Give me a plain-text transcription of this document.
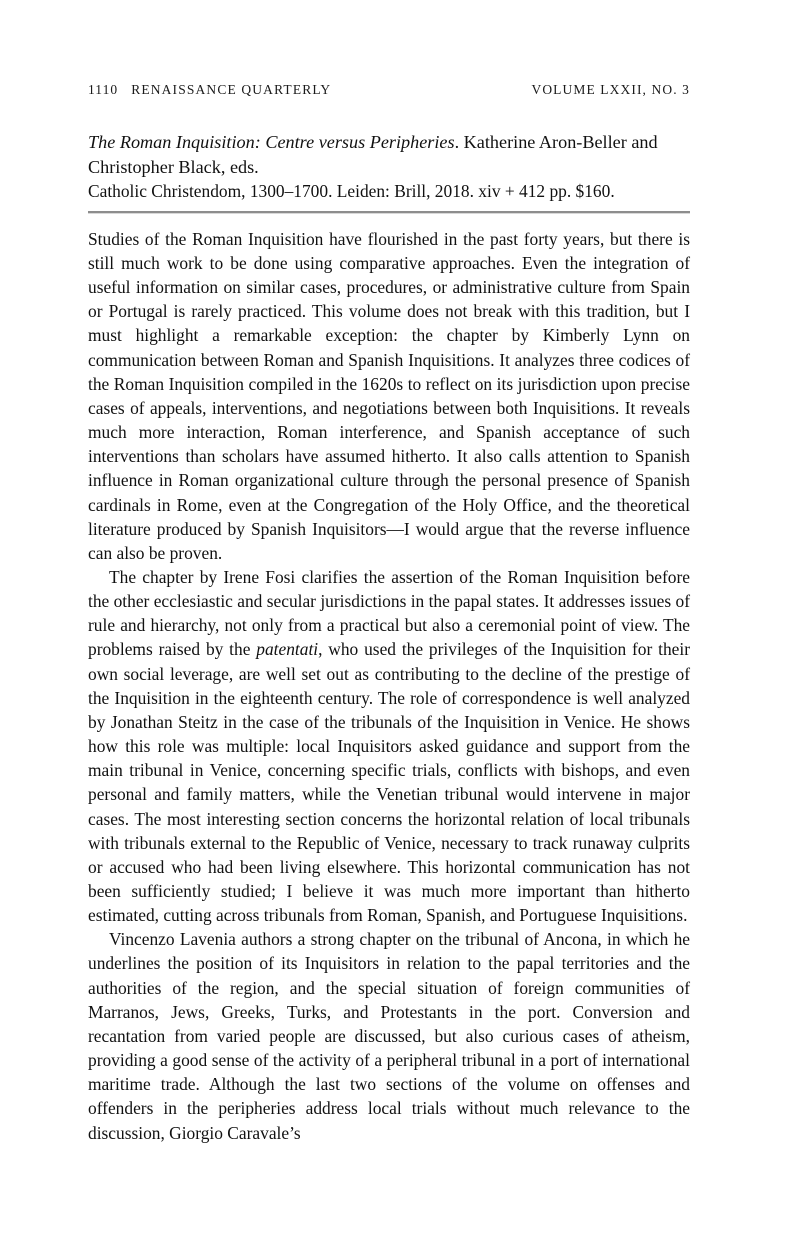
1110 RENAISSANCE QUARTERLY	VOLUME LXXII, NO. 3
The Roman Inquisition: Centre versus Peripheries. Katherine Aron-Beller and Christopher Black, eds.
Catholic Christendom, 1300–1700. Leiden: Brill, 2018. xiv + 412 pp. $160.

Studies of the Roman Inquisition have flourished in the past forty years, but there is still much work to be done using comparative approaches. Even the integration of useful information on similar cases, procedures, or administrative culture from Spain or Portugal is rarely practiced. This volume does not break with this tradition, but I must highlight a remarkable exception: the chapter by Kimberly Lynn on communication between Roman and Spanish Inquisitions. It analyzes three codices of the Roman Inquisition compiled in the 1620s to reflect on its jurisdiction upon precise cases of appeals, interventions, and negotiations between both Inquisitions. It reveals much more interaction, Roman interference, and Spanish acceptance of such interventions than scholars have assumed hitherto. It also calls attention to Spanish influence in Roman organizational culture through the personal presence of Spanish cardinals in Rome, even at the Congregation of the Holy Office, and the theoretical literature produced by Spanish Inquisitors—I would argue that the reverse influence can also be proven.

The chapter by Irene Fosi clarifies the assertion of the Roman Inquisition before the other ecclesiastic and secular jurisdictions in the papal states. It addresses issues of rule and hierarchy, not only from a practical but also a ceremonial point of view. The problems raised by the patentati, who used the privileges of the Inquisition for their own social leverage, are well set out as contributing to the decline of the prestige of the Inquisition in the eighteenth century. The role of correspondence is well analyzed by Jonathan Steitz in the case of the tribunals of the Inquisition in Venice. He shows how this role was multiple: local Inquisitors asked guidance and support from the main tribunal in Venice, concerning specific trials, conflicts with bishops, and even personal and family matters, while the Venetian tribunal would intervene in major cases. The most interesting section concerns the horizontal relation of local tribunals with tribunals external to the Republic of Venice, necessary to track runaway culprits or accused who had been living elsewhere. This horizontal communication has not been sufficiently studied; I believe it was much more important than hitherto estimated, cutting across tribunals from Roman, Spanish, and Portuguese Inquisitions.

Vincenzo Lavenia authors a strong chapter on the tribunal of Ancona, in which he underlines the position of its Inquisitors in relation to the papal territories and the authorities of the region, and the special situation of foreign communities of Marranos, Jews, Greeks, Turks, and Protestants in the port. Conversion and recantation from varied people are discussed, but also curious cases of atheism, providing a good sense of the activity of a peripheral tribunal in a port of international maritime trade. Although the last two sections of the volume on offenses and offenders in the peripheries address local trials without much relevance to the discussion, Giorgio Caravale’s
